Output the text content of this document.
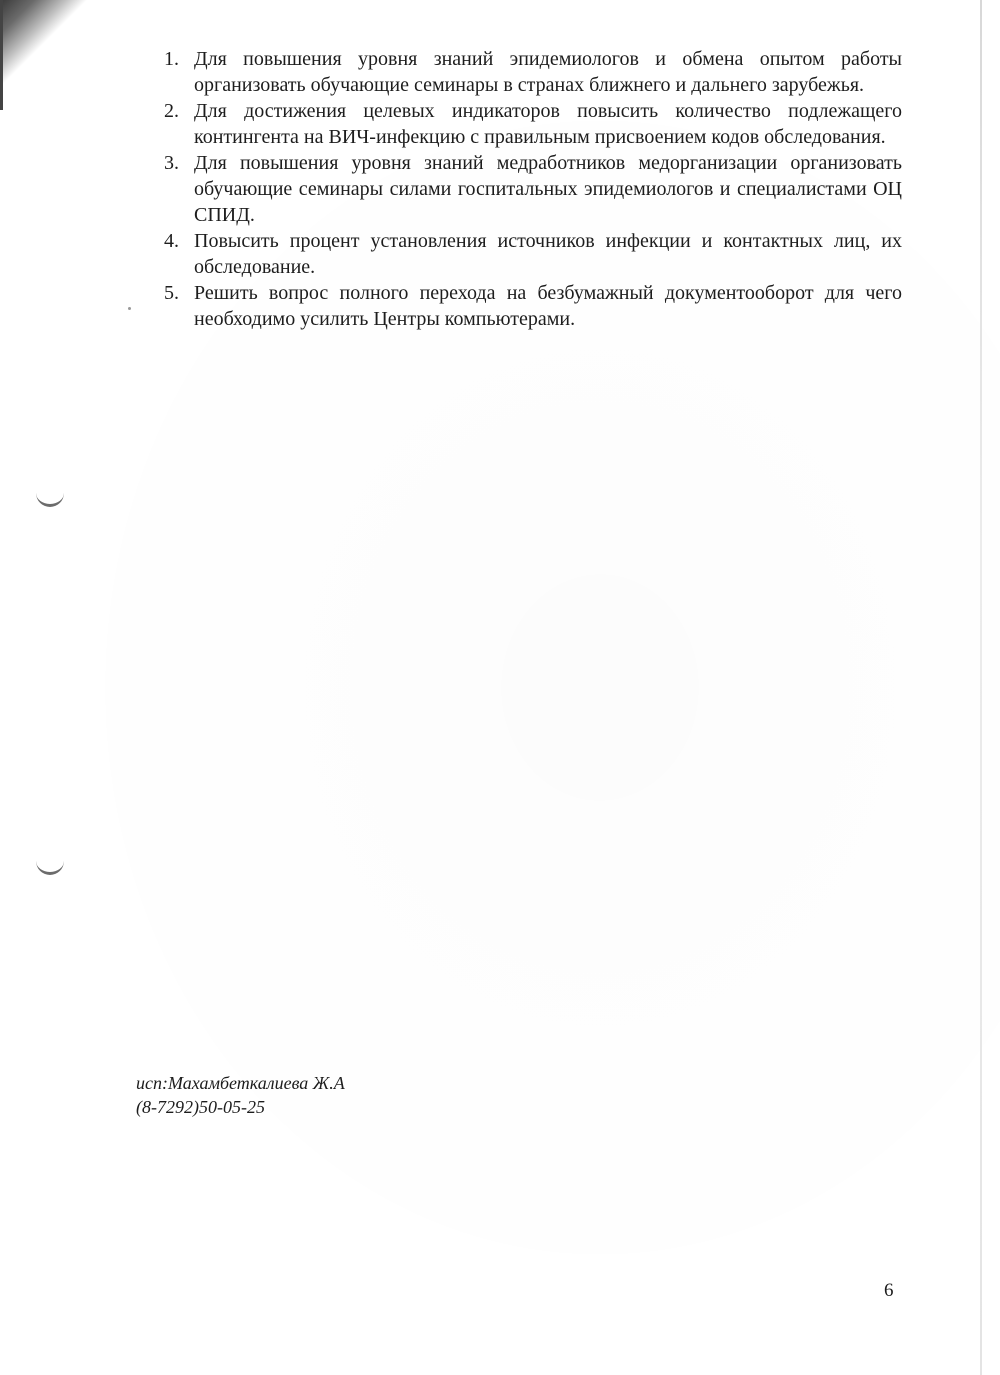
1. Для повышения уровня знаний эпидемиологов и обмена опытом работы организовать обучающие семинары в странах ближнего и дальнего зарубежья.
2. Для достижения целевых индикаторов повысить количество подлежащего контингента на ВИЧ-инфекцию с правильным присвоением кодов обследования.
3. Для повышения уровня знаний медработников медорганизации организовать обучающие семинары силами госпитальных эпидемиологов и специалистами ОЦ СПИД.
4. Повысить процент установления источников инфекции и контактных лиц, их обследование.
5. Решить вопрос полного перехода на безбумажный документооборот для чего необходимо усилить Центры компьютерами.
исп:Махамбеткалиева Ж.А
(8-7292)50-05-25
6
